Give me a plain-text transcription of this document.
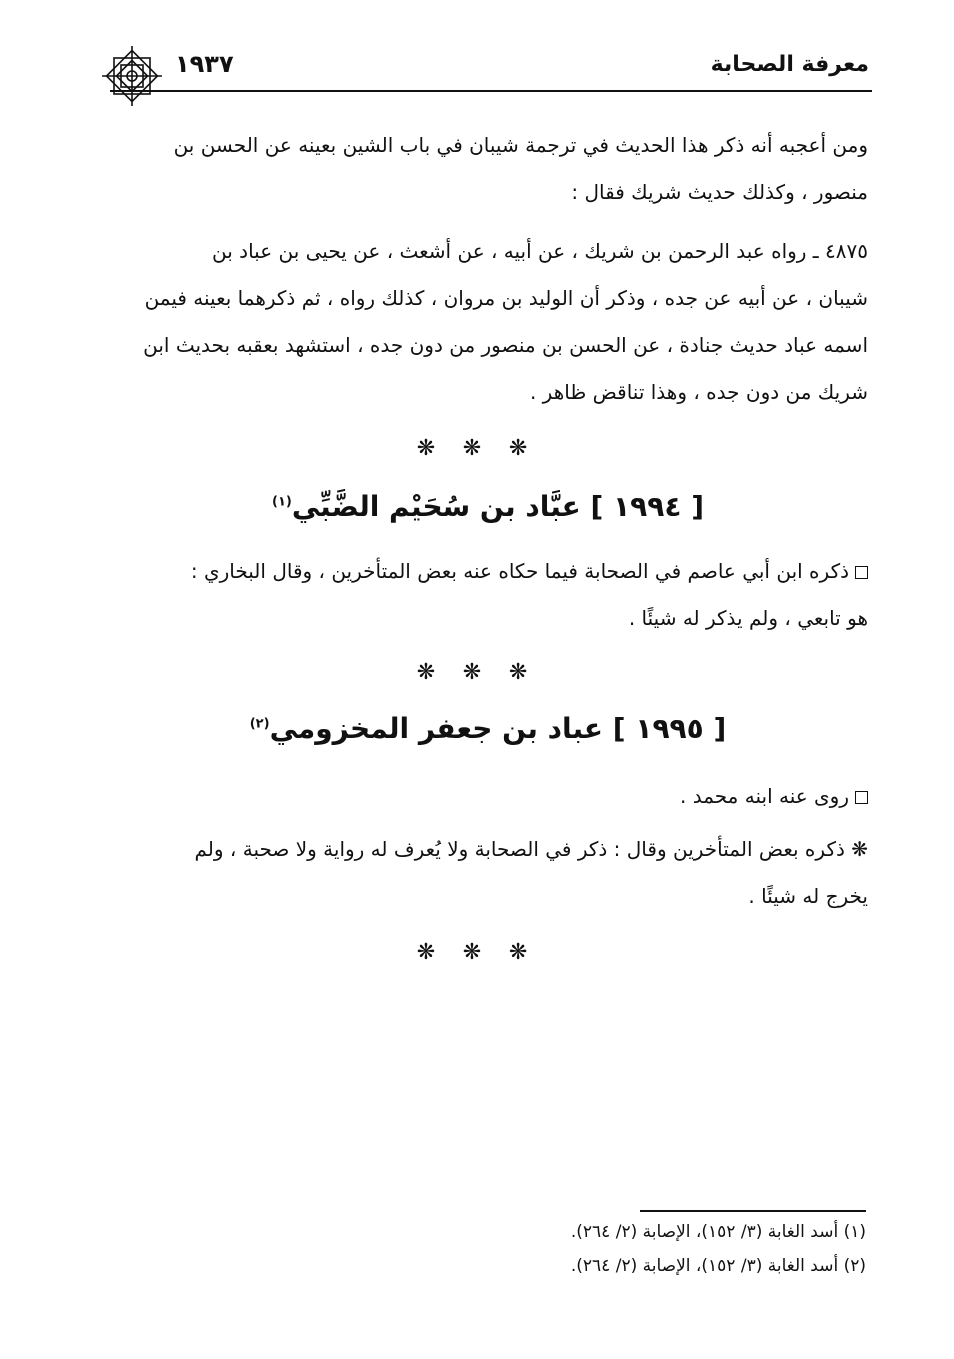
معرفة الصحابة
١٩٣٧
ومن أعجبه أنه ذكر هذا الحديث في ترجمة شيبان في باب الشين بعينه عن الحسن بن
منصور ، وكذلك حديث شريك فقال :
٤٨٧٥ ـ رواه عبد الرحمن بن شريك ، عن أبيه ، عن أشعث ، عن يحيى بن عباد بن
شيبان ، عن أبيه عن جده ، وذكر أن الوليد بن مروان ، كذلك رواه ، ثم ذكرهما بعينه فيمن
اسمه عباد حديث جنادة ، عن الحسن بن منصور من دون جده ، استشهد بعقبه بحديث ابن
شريك من دون جده ، وهذا تناقض ظاهر .
❋ ❋ ❋
[ ١٩٩٤ ] عبَّاد بن سُحَيْم الضَّبِّي$^{(١)}$
ذكره ابن أبي عاصم في الصحابة فيما حكاه عنه بعض المتأخرين ، وقال البخاري :
هو تابعي ، ولم يذكر له شيئًا .
❋ ❋ ❋
[ ١٩٩٥ ] عباد بن جعفر المخزومي$^{(٢)}$
روى عنه ابنه محمد .
❋ ذكره بعض المتأخرين وقال : ذكر في الصحابة ولا يُعرف له رواية ولا صحبة ، ولم
يخرج له شيئًا .
❋ ❋ ❋
(١) أسد الغابة (٣/ ١٥٢)، الإصابة (٢/ ٢٦٤).
(٢) أسد الغابة (٣/ ١٥٢)، الإصابة (٢/ ٢٦٤).
